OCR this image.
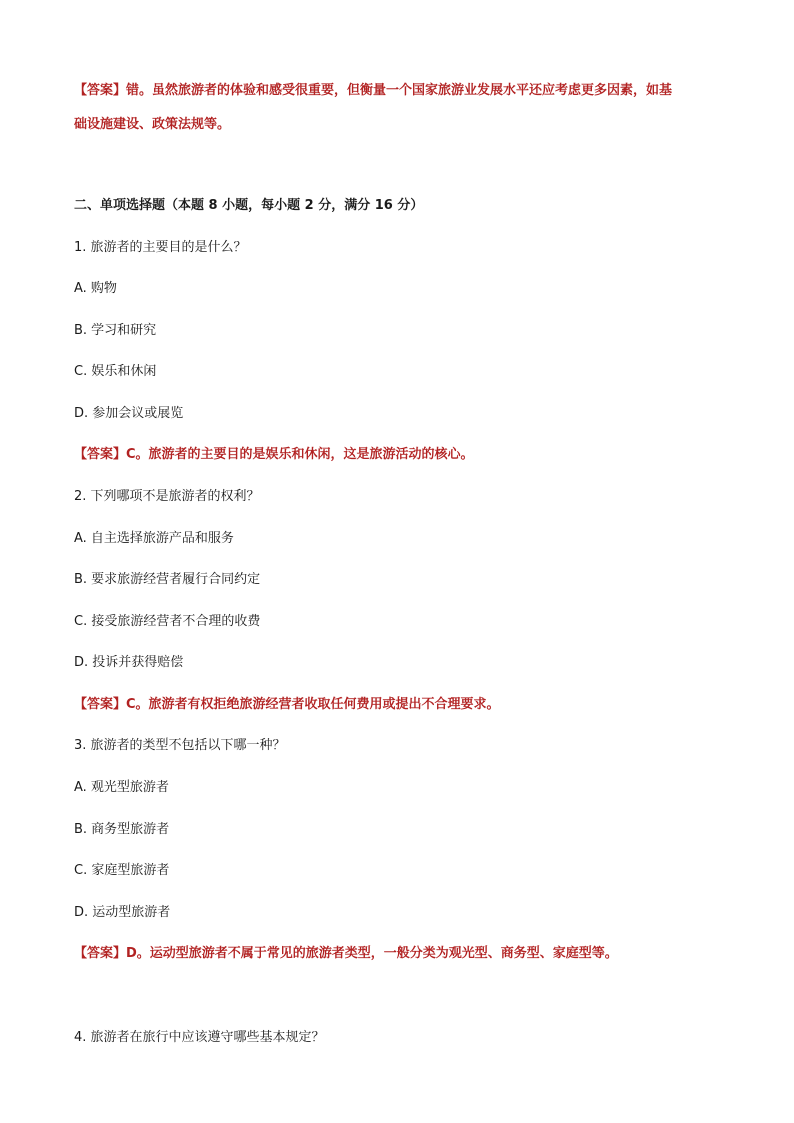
【答案】错。虽然旅游者的体验和感受很重要，但衡量一个国家旅游业发展水平还应考虑更多因素，如基
础设施建设、政策法规等。
二、单项选择题（本题 8 小题，每小题 2 分，满分 16 分）
1. 旅游者的主要目的是什么？
A. 购物
B. 学习和研究
C. 娱乐和休闲
D. 参加会议或展览
【答案】C。旅游者的主要目的是娱乐和休闲，这是旅游活动的核心。
2. 下列哪项不是旅游者的权利？
A. 自主选择旅游产品和服务
B. 要求旅游经营者履行合同约定
C. 接受旅游经营者不合理的收费
D. 投诉并获得赔偿
【答案】C。旅游者有权拒绝旅游经营者收取任何费用或提出不合理要求。
3. 旅游者的类型不包括以下哪一种？
A. 观光型旅游者
B. 商务型旅游者
C. 家庭型旅游者
D. 运动型旅游者
【答案】D。运动型旅游者不属于常见的旅游者类型，一般分类为观光型、商务型、家庭型等。
4. 旅游者在旅行中应该遵守哪些基本规定？
